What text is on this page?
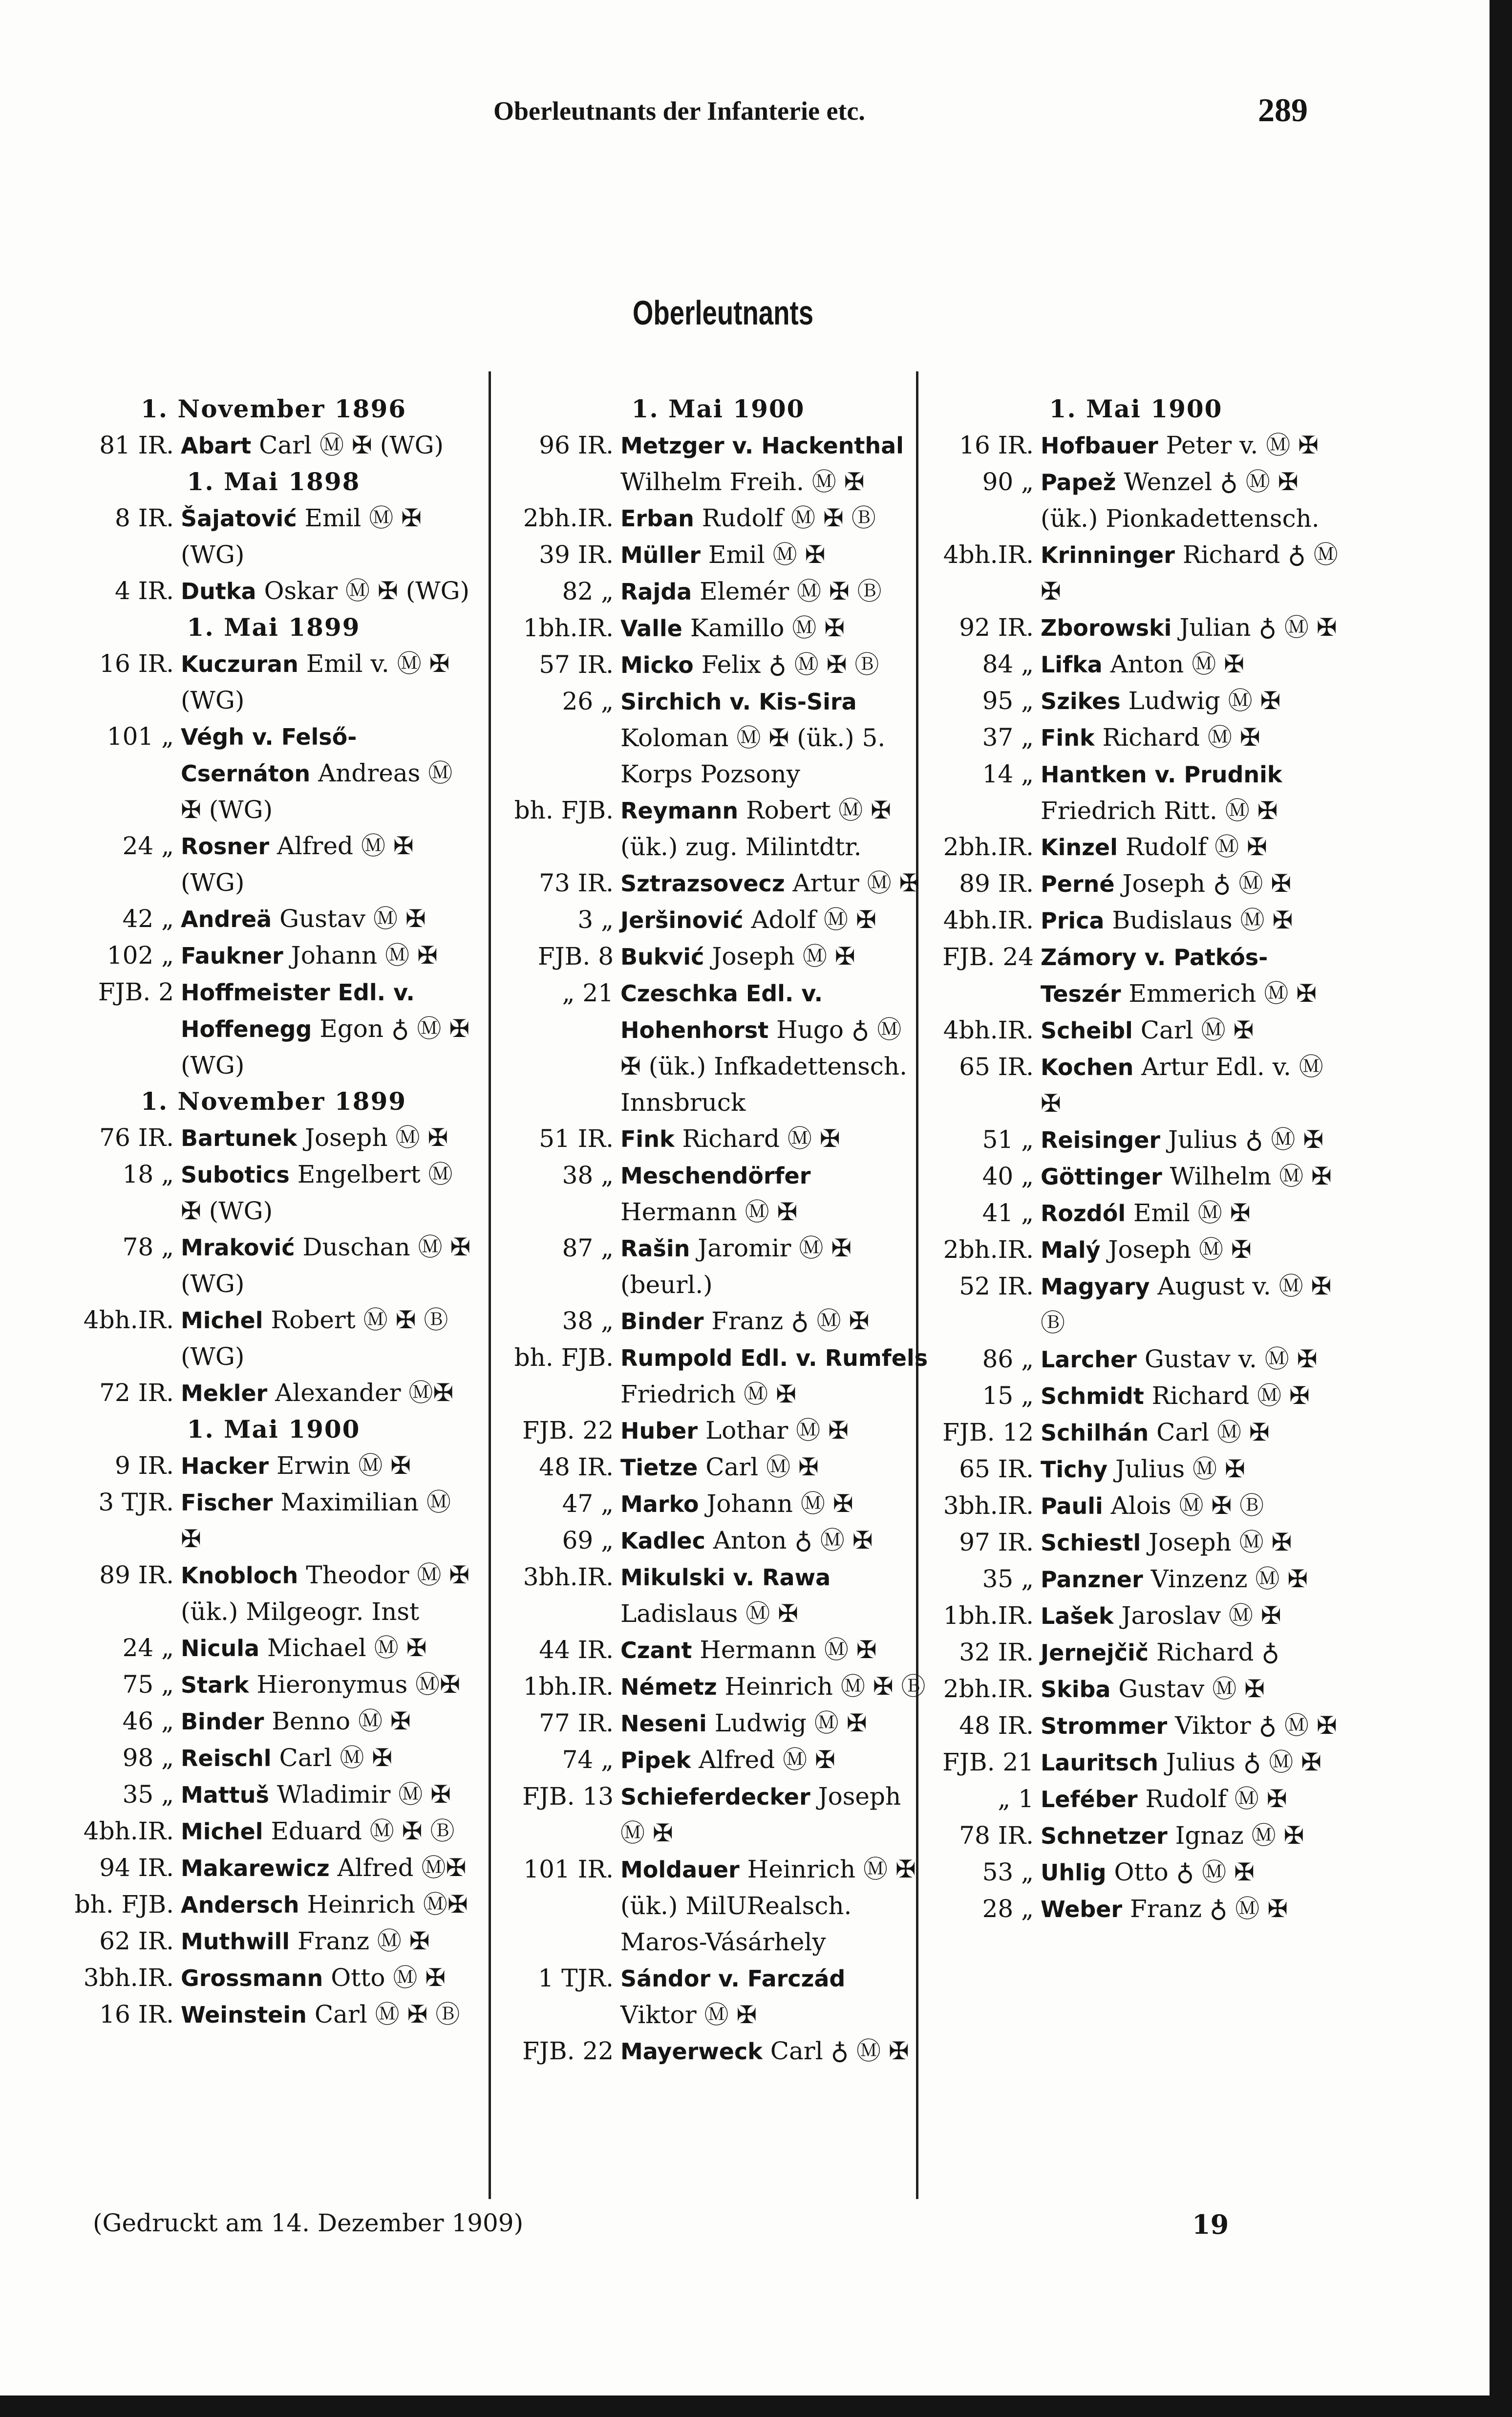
Oberleutnants der Infanterie etc.	289
Oberleutnants
1. November 1896
81 IR. Abart Carl Ⓜ ✠ (WG)
1. Mai 1898
8 IR. Šajatović Emil Ⓜ ✠ (WG)
4 IR. Dutka Oskar Ⓜ ✠ (WG)
1. Mai 1899
16 IR. Kuczuran Emil v. Ⓜ ✠ (WG)
101 „ Végh v. Felső-Csernáton Andreas Ⓜ ✠ (WG)
24 „ Rosner Alfred Ⓜ ✠ (WG)
42 „ Andreä Gustav Ⓜ ✠
102 „ Faukner Johann Ⓜ ✠
FJB. 2 Hoffmeister Edl. v. Hoffenegg Egon ♁ Ⓜ ✠ (WG)
1. November 1899
76 IR. Bartunek Joseph Ⓜ ✠
18 „ Subotics Engelbert Ⓜ ✠ (WG)
78 „ Mraković Duschan Ⓜ ✠ (WG)
4bh.IR. Michel Robert Ⓜ ✠ Ⓑ (WG)
72 IR. Mekler Alexander Ⓜ✠
1. Mai 1900
9 IR. Hacker Erwin Ⓜ ✠
3 TJR. Fischer Maximilian Ⓜ ✠
89 IR. Knobloch Theodor Ⓜ ✠ (ük.) Milgeogr. Inst
24 „ Nicula Michael Ⓜ ✠
75 „ Stark Hieronymus Ⓜ✠
46 „ Binder Benno Ⓜ ✠
98 „ Reischl Carl Ⓜ ✠
35 „ Mattuš Wladimir Ⓜ ✠
4bh.IR. Michel Eduard Ⓜ ✠ Ⓑ
94 IR. Makarewicz Alfred Ⓜ✠
bh. FJB. Andersch Heinrich Ⓜ✠
62 IR. Muthwill Franz Ⓜ ✠
3bh.IR. Grossmann Otto Ⓜ ✠
16 IR. Weinstein Carl Ⓜ ✠ Ⓑ
1. Mai 1900
96 IR. Metzger v. Hackenthal Wilhelm Freih. Ⓜ ✠
2bh.IR. Erban Rudolf Ⓜ ✠ Ⓑ
39 IR. Müller Emil Ⓜ ✠
82 „ Rajda Elemér Ⓜ ✠ Ⓑ
1bh.IR. Valle Kamillo Ⓜ ✠
57 IR. Micko Felix ♁ Ⓜ ✠ Ⓑ
26 „ Sirchich v. Kis-Sira Koloman Ⓜ ✠ (ük.) 5. Korps Pozsony
bh. FJB. Reymann Robert Ⓜ ✠ (ük.) zug. Milintdtr.
73 IR. Sztrazsovecz Artur Ⓜ ✠
3 „ Jeršinović Adolf Ⓜ ✠
FJB. 8 Bukvić Joseph Ⓜ ✠
„ 21 Czeschka Edl. v. Hohenhorst Hugo ♁ Ⓜ ✠ (ük.) Infkadettensch. Innsbruck
51 IR. Fink Richard Ⓜ ✠
38 „ Meschendörfer Hermann Ⓜ ✠
87 „ Rašin Jaromir Ⓜ ✠ (beurl.)
38 „ Binder Franz ♁ Ⓜ ✠
bh. FJB. Rumpold Edl. v. Rumfels Friedrich Ⓜ ✠
FJB. 22 Huber Lothar Ⓜ ✠
48 IR. Tietze Carl Ⓜ ✠
47 „ Marko Johann Ⓜ ✠
69 „ Kadlec Anton ♁ Ⓜ ✠
3bh.IR. Mikulski v. Rawa Ladislaus Ⓜ ✠
44 IR. Czant Hermann Ⓜ ✠
1bh.IR. Németz Heinrich Ⓜ ✠ Ⓑ
77 IR. Neseni Ludwig Ⓜ ✠
74 „ Pipek Alfred Ⓜ ✠
FJB. 13 Schieferdecker Joseph Ⓜ ✠
101 IR. Moldauer Heinrich Ⓜ ✠ (ük.) MilURealsch. Maros-Vásárhely
1 TJR. Sándor v. Farczád Viktor Ⓜ ✠
FJB. 22 Mayerweck Carl ♁ Ⓜ ✠
1. Mai 1900
16 IR. Hofbauer Peter v. Ⓜ ✠
90 „ Papež Wenzel ♁ Ⓜ ✠ (ük.) Pionkadettensch.
4bh.IR. Krinninger Richard ♁ Ⓜ ✠
92 IR. Zborowski Julian ♁ Ⓜ ✠
84 „ Lifka Anton Ⓜ ✠
95 „ Szikes Ludwig Ⓜ ✠
37 „ Fink Richard Ⓜ ✠
14 „ Hantken v. Prudnik Friedrich Ritt. Ⓜ ✠
2bh.IR. Kinzel Rudolf Ⓜ ✠
89 IR. Perné Joseph ♁ Ⓜ ✠
4bh.IR. Prica Budislaus Ⓜ ✠
FJB. 24 Zámory v. Patkós-Teszér Emmerich Ⓜ ✠
4bh.IR. Scheibl Carl Ⓜ ✠
65 IR. Kochen Artur Edl. v. Ⓜ ✠
51 „ Reisinger Julius ♁ Ⓜ ✠
40 „ Göttinger Wilhelm Ⓜ ✠
41 „ Rozdól Emil Ⓜ ✠
2bh.IR. Malý Joseph Ⓜ ✠
52 IR. Magyary August v. Ⓜ ✠ Ⓑ
86 „ Larcher Gustav v. Ⓜ ✠
15 „ Schmidt Richard Ⓜ ✠
FJB. 12 Schilhán Carl Ⓜ ✠
65 IR. Tichy Julius Ⓜ ✠
3bh.IR. Pauli Alois Ⓜ ✠ Ⓑ
97 IR. Schiestl Joseph Ⓜ ✠
35 „ Panzner Vinzenz Ⓜ ✠
1bh.IR. Lašek Jaroslav Ⓜ ✠
32 IR. Jernejčič Richard ♁
2bh.IR. Skiba Gustav Ⓜ ✠
48 IR. Strommer Viktor ♁ Ⓜ ✠
FJB. 21 Lauritsch Julius ♁ Ⓜ ✠
„ 1 Leféber Rudolf Ⓜ ✠
78 IR. Schnetzer Ignaz Ⓜ ✠
53 „ Uhlig Otto ♁ Ⓜ ✠
28 „ Weber Franz ♁ Ⓜ ✠
(Gedruckt am 14. Dezember 1909)	19
